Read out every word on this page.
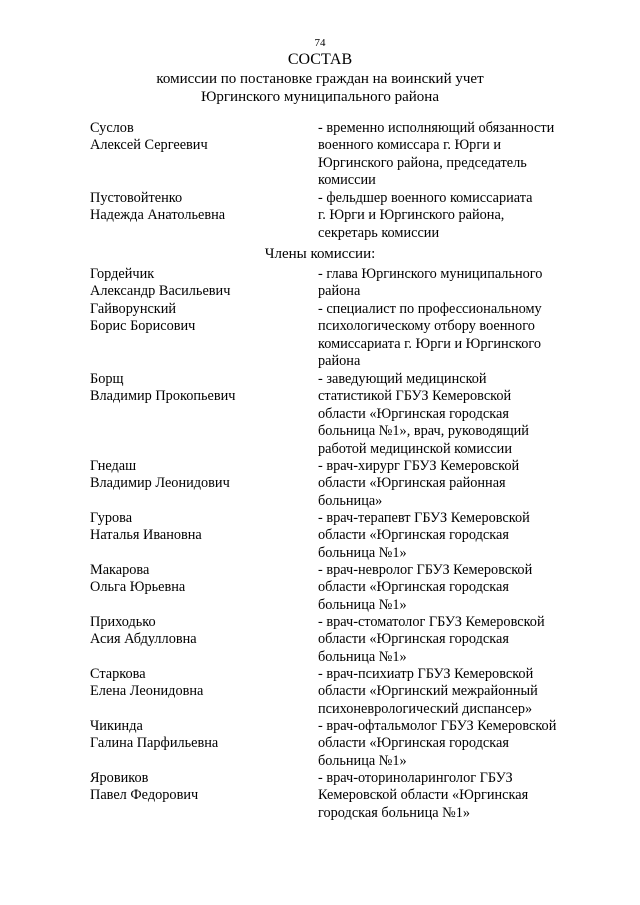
74
СОСТАВ
комиссии по постановке граждан на воинский учет
Юргинского муниципального района
Суслов
Алексей Сергеевич
- временно исполняющий обязанности
военного комиссара г. Юрги и
Юргинского района, председатель
комиссии
Пустовойтенко
Надежда Анатольевна
- фельдшер военного комиссариата
г. Юрги и Юргинского района,
секретарь комиссии
Члены комиссии:
Гордейчик
Александр Васильевич
- глава Юргинского муниципального
района
Гайворунский
Борис Борисович
- специалист по профессиональному
психологическому отбору военного
комиссариата г. Юрги и Юргинского
района
Борщ
Владимир Прокопьевич
- заведующий медицинской
статистикой ГБУЗ Кемеровской
области «Юргинская городская
больница №1», врач, руководящий
работой медицинской комиссии
Гнедаш
Владимир Леонидович
- врач-хирург ГБУЗ Кемеровской
области «Юргинская районная
больница»
Гурова
Наталья Ивановна
- врач-терапевт ГБУЗ Кемеровской
области «Юргинская городская
больница №1»
Макарова
Ольга Юрьевна
- врач-невролог ГБУЗ Кемеровской
области «Юргинская городская
больница №1»
Приходько
Асия Абдулловна
- врач-стоматолог ГБУЗ Кемеровской
области «Юргинская городская
больница №1»
Старкова
Елена Леонидовна
- врач-психиатр ГБУЗ Кемеровской
области «Юргинский межрайонный
психоневрологический диспансер»
Чикинда
Галина Парфильевна
- врач-офтальмолог ГБУЗ Кемеровской
области «Юргинская городская
больница №1»
Яровиков
Павел Федорович
- врач-оториноларинголог ГБУЗ
Кемеровской области «Юргинская
городская больница №1»
